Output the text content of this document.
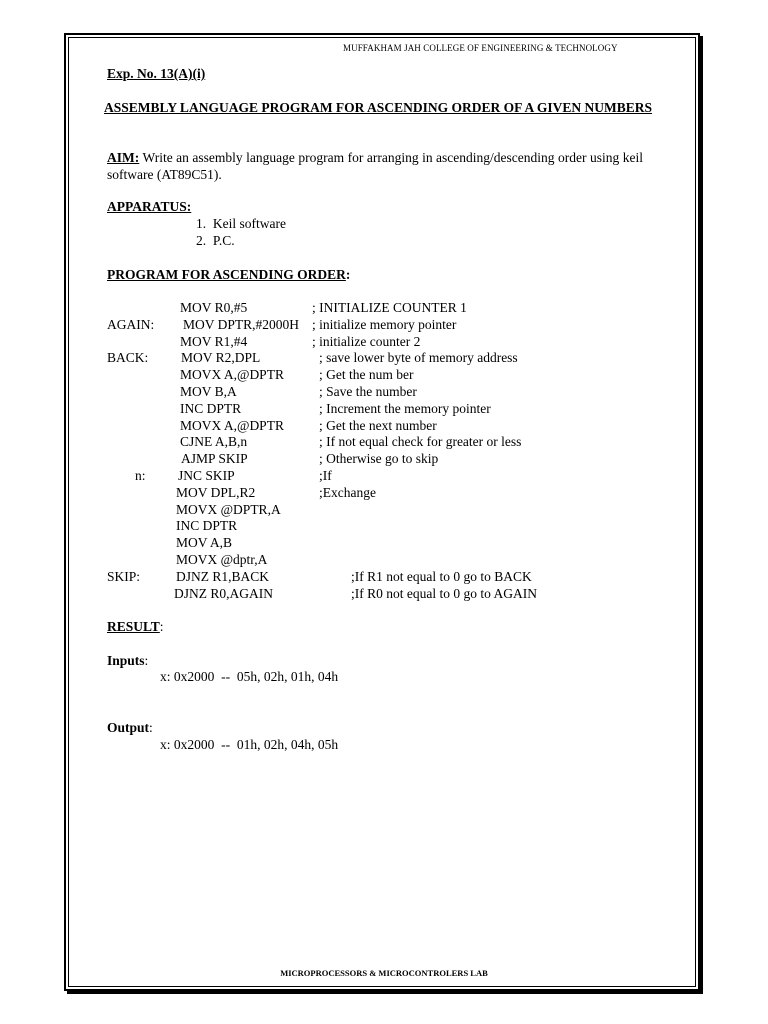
MUFFAKHAM JAH COLLEGE OF ENGINEERING & TECHNOLOGY
Exp. No. 13(A)(i)
ASSEMBLY LANGUAGE PROGRAM FOR ASCENDING ORDER OF A GIVEN NUMBERS
AIM: Write an assembly language program for arranging in ascending/descending order using keil software (AT89C51).
APPARATUS:
1.  Keil software
2.  P.C.
PROGRAM FOR ASCENDING ORDER:
MOV R0,#5	; INITIALIZE COUNTER 1
AGAIN: MOV DPTR,#2000H ; initialize memory pointer
MOV R1,#4	; initialize counter 2
BACK: MOV R2,DPL	; save lower byte of memory address
MOVX A,@DPTR	; Get the num ber
MOV B,A	; Save the number
INC DPTR	; Increment the memory pointer
MOVX A,@DPTR	; Get the next number
CJNE A,B,n	; If not equal check for greater or less
AJMP SKIP	; Otherwise go to skip
n: JNC SKIP	;If
MOV DPL,R2	;Exchange
MOVX @DPTR,A
INC DPTR
MOV A,B
MOVX @dptr,A
SKIP:	DJNZ R1,BACK	;If R1 not equal to 0 go to BACK
DJNZ R0,AGAIN	;If R0 not equal to 0 go to AGAIN
RESULT:
Inputs:
x: 0x2000  --  05h, 02h, 01h, 04h
Output:
x: 0x2000  --  01h, 02h, 04h, 05h
MICROPROCESSORS & MICROCONTROLERS LAB
